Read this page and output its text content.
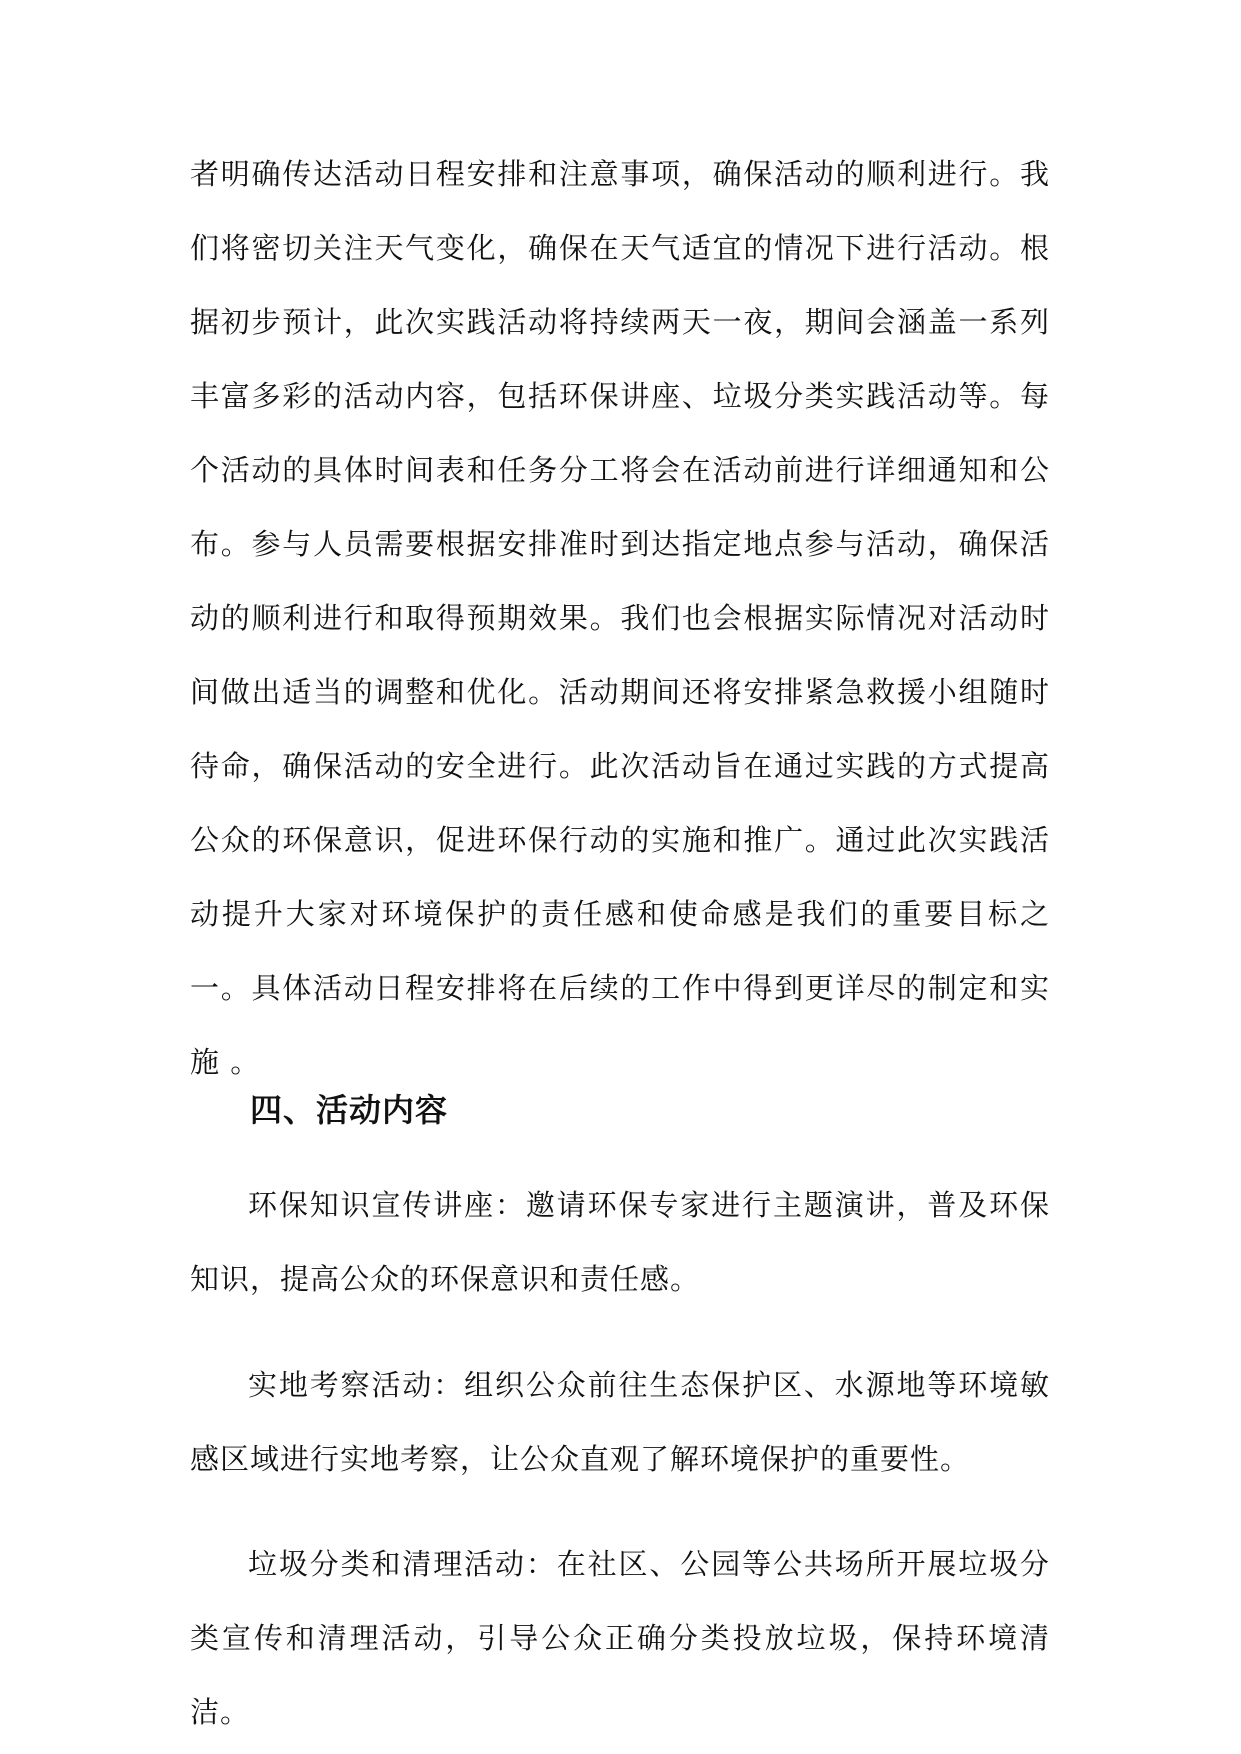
者明确传达活动日程安排和注意事项，确保活动的顺利进行。我们将密切关注天气变化，确保在天气适宜的情况下进行活动。根据初步预计，此次实践活动将持续两天一夜，期间会涵盖一系列丰富多彩的活动内容，包括环保讲座、垃圾分类实践活动等。每个活动的具体时间表和任务分工将会在活动前进行详细通知和公布。参与人员需要根据安排准时到达指定地点参与活动，确保活动的顺利进行和取得预期效果。我们也会根据实际情况对活动时间做出适当的调整和优化。活动期间还将安排紧急救援小组随时待命，确保活动的安全进行。此次活动旨在通过实践的方式提高公众的环保意识，促进环保行动的实施和推广。通过此次实践活动提升大家对环境保护的责任感和使命感是我们的重要目标之一。具体活动日程安排将在后续的工作中得到更详尽的制定和实施 。

四、活动内容

环保知识宣传讲座：邀请环保专家进行主题演讲，普及环保知识，提高公众的环保意识和责任感。

实地考察活动：组织公众前往生态保护区、水源地等环境敏感区域进行实地考察，让公众直观了解环境保护的重要性。

垃圾分类和清理活动：在社区、公园等公共场所开展垃圾分类宣传和清理活动，引导公众正确分类投放垃圾，保持环境清洁。
